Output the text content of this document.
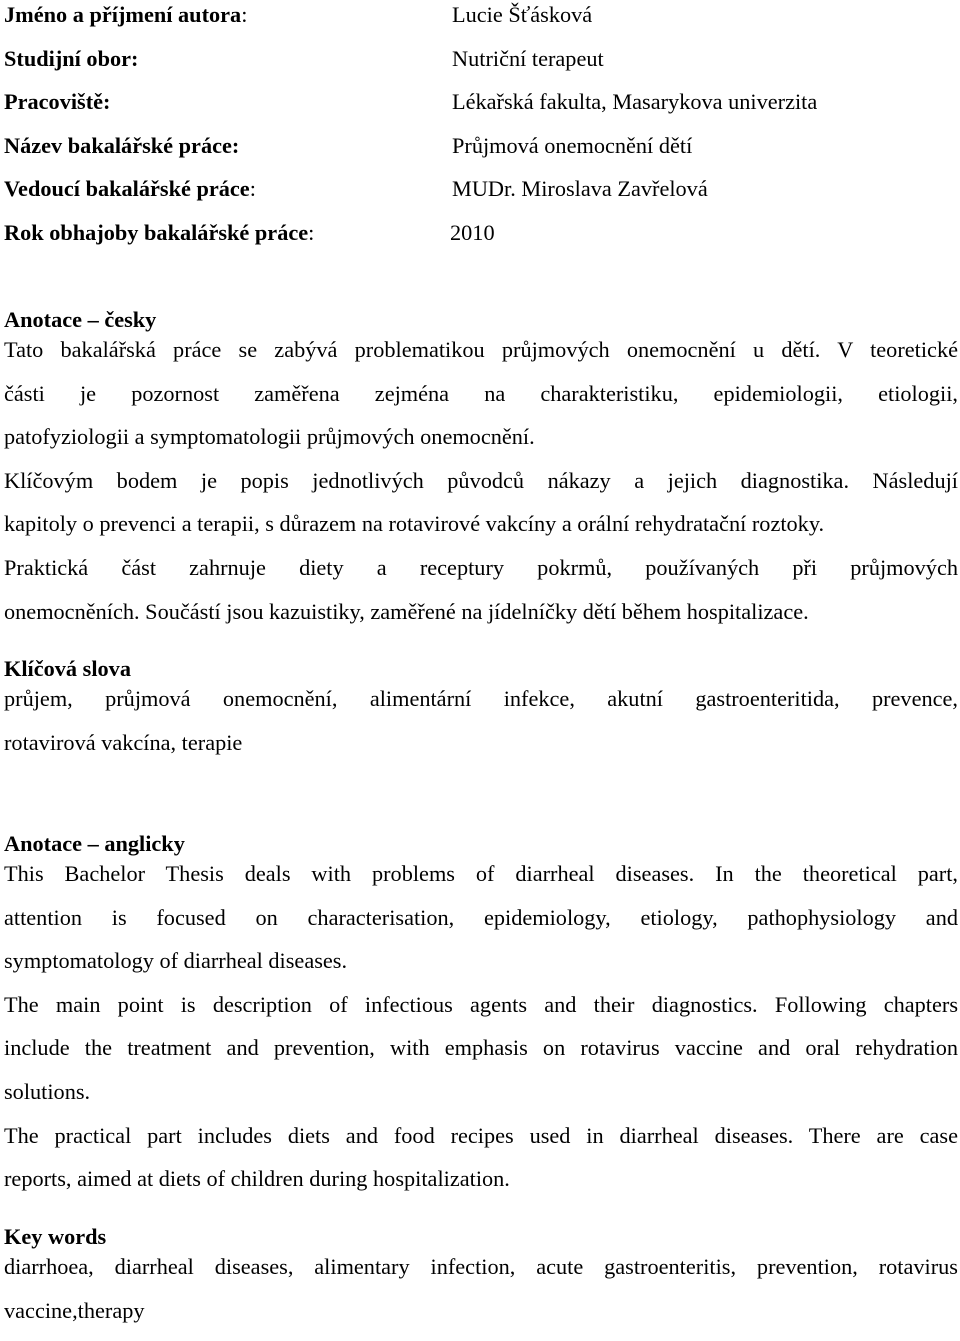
Jméno a příjmení autora:	Lucie Šťásková
Studijní obor:	Nutriční terapeut
Pracoviště:	Lékařská fakulta, Masarykova univerzita
Název bakalářské práce:	Průjmová onemocnění dětí
Vedoucí bakalářské práce:	MUDr. Miroslava Zavřelová
Rok obhajoby bakalářské práce:	2010
Anotace – česky

Tato bakalářská práce se zabývá problematikou průjmových onemocnění u dětí. V teoretické
části je pozornost zaměřena zejména na charakteristiku, epidemiologii, etiologii,
patofyziologii a symptomatologii průjmových onemocnění.
Klíčovým bodem je popis jednotlivých původců nákazy a jejich diagnostika. Následují
kapitoly o prevenci a terapii, s důrazem na rotavirové vakcíny a orální rehydratační roztoky.
Praktická část zahrnuje diety a receptury pokrmů, používaných při průjmových
onemocněních. Součástí jsou kazuistiky, zaměřené na jídelníčky dětí během hospitalizace.

Klíčová slova

průjem, průjmová onemocnění, alimentární infekce, akutní gastroenteritida, prevence,
rotavirová vakcína, terapie

Anotace – anglicky

This Bachelor Thesis deals with problems of diarrheal diseases. In the theoretical part,
attention is focused on characterisation, epidemiology, etiology, pathophysiology and
symptomatology of diarrheal diseases.
The main point is description of infectious agents and their diagnostics. Following chapters
include the treatment and prevention, with emphasis on rotavirus vaccine and oral rehydration
solutions.
The practical part includes diets and food recipes used in diarrheal diseases. There are case
reports, aimed at diets of children during hospitalization.

Key words

diarrhoea, diarrheal diseases, alimentary infection, acute gastroenteritis, prevention, rotavirus
vaccine,therapy
